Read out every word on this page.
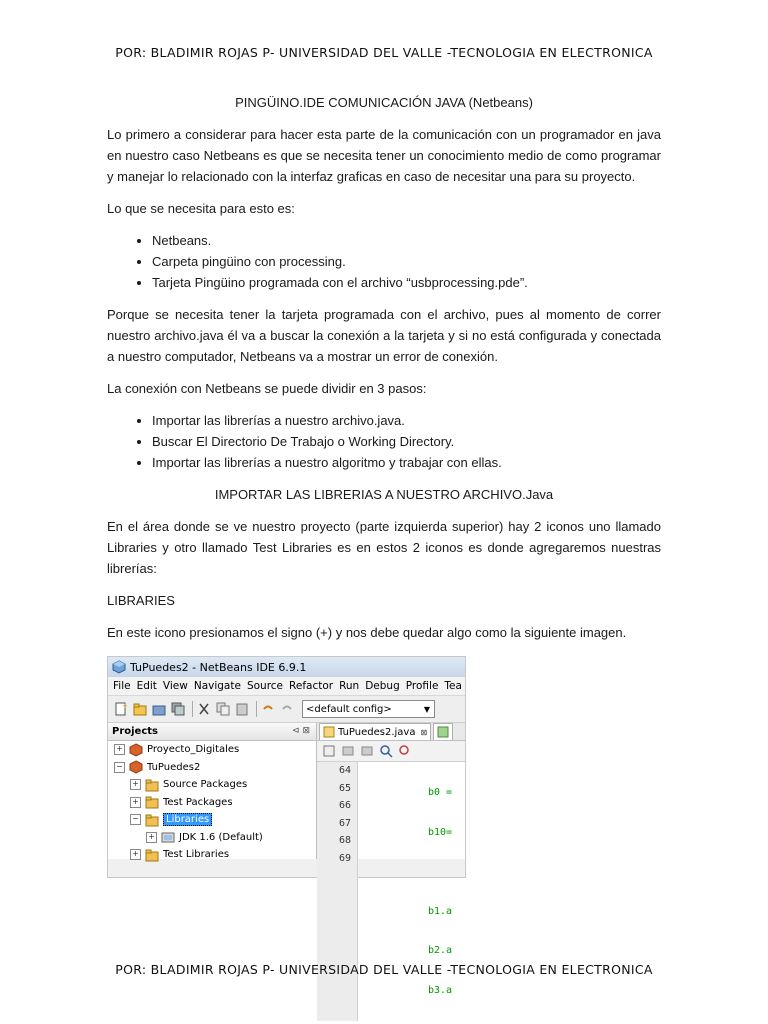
POR: BLADIMIR ROJAS P- UNIVERSIDAD DEL VALLE -TECNOLOGIA EN ELECTRONICA
PINGÜINO.IDE COMUNICACIÓN JAVA (Netbeans)

Lo primero a considerar para hacer esta parte de la comunicación con un programador en java en nuestro caso Netbeans es que se necesita tener un conocimiento medio de como programar y manejar lo relacionado con la interfaz graficas en caso de necesitar una para su proyecto.

Lo que se necesita para esto es:

• Netbeans.
• Carpeta pingüino con processing.
• Tarjeta Pingüino programada con el archivo “usbprocessing.pde”.

Porque se necesita tener la tarjeta programada con el archivo, pues al momento de correr nuestro archivo.java él va a buscar la conexión a la tarjeta y si no está configurada y conectada a nuestro computador, Netbeans va a mostrar un error de conexión.

La conexión con Netbeans se puede dividir en 3 pasos:

• Importar las librerías a nuestro archivo.java.
• Buscar El Directorio De Trabajo o Working Directory.
• Importar las librerías a nuestro algoritmo y trabajar con ellas.
IMPORTAR LAS LIBRERIAS A NUESTRO ARCHIVO.Java

En el área donde se ve nuestro proyecto (parte izquierda superior) hay 2 iconos uno llamado Libraries y otro llamado Test Libraries es en estos 2 iconos es donde agregaremos nuestras librerías:

LIBRARIES

En este icono presionamos el signo (+) y nos debe quedar algo como la siguiente imagen.

TuPuedes2 - NetBeans IDE 6.9.1
File Edit View Navigate Source Refactor Run Debug Profile Tea
+	<default config>	▼
Projects	⊲ ⊠
+ Proyecto_Digitales
− TuPuedes2
+ Source Packages
+ Test Packages
−	Libraries
+ JDK 1.6 (Default)
+ Test Libraries
TuPuedes2.java ⊠
64
65
66
67
68
69

b0 =

b10=

b1.a

b2.a

b3.a

POR: BLADIMIR ROJAS P- UNIVERSIDAD DEL VALLE -TECNOLOGIA EN ELECTRONICA
